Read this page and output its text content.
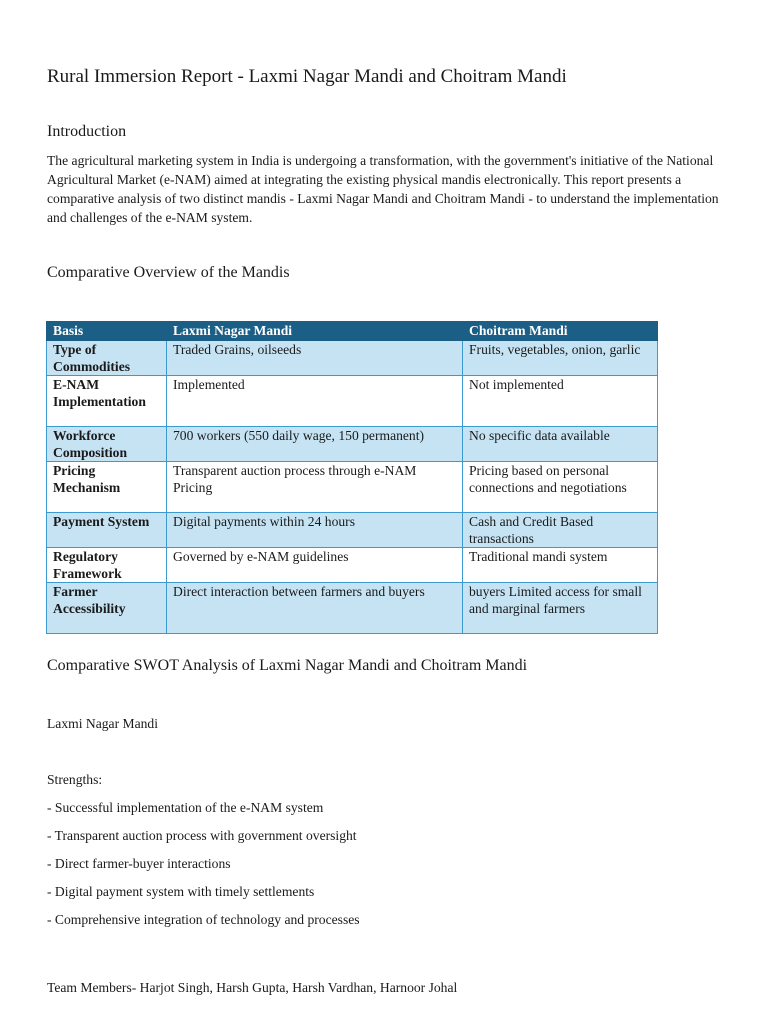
Rural Immersion Report - Laxmi Nagar Mandi and Choitram Mandi
Introduction
The agricultural marketing system in India is undergoing a transformation, with the government's initiative of the National Agricultural Market (e-NAM) aimed at integrating the existing physical mandis electronically. This report presents a comparative analysis of two distinct mandis - Laxmi Nagar Mandi and Choitram Mandi - to understand the implementation and challenges of the e-NAM system.
Comparative Overview of the Mandis
Basis	Laxmi Nagar Mandi	Choitram Mandi
Type of Commodities	Traded Grains, oilseeds	Fruits, vegetables, onion, garlic
E-NAM Implementation	Implemented	Not implemented
Workforce Composition	700 workers (550 daily wage, 150 permanent)	No specific data available
Pricing Mechanism	Transparent auction process through e-NAM Pricing	Pricing based on personal connections and negotiations
Payment System	Digital payments within 24 hours	Cash and Credit Based transactions
Regulatory Framework	Governed by e-NAM guidelines	Traditional mandi system
Farmer Accessibility	Direct interaction between farmers and buyers	buyers Limited access for small and marginal farmers
Comparative SWOT Analysis of Laxmi Nagar Mandi and Choitram Mandi
Laxmi Nagar Mandi
Strengths:
- Successful implementation of the e-NAM system
- Transparent auction process with government oversight
- Direct farmer-buyer interactions
- Digital payment system with timely settlements
- Comprehensive integration of technology and processes
Team Members- Harjot Singh, Harsh Gupta, Harsh Vardhan, Harnoor Johal
